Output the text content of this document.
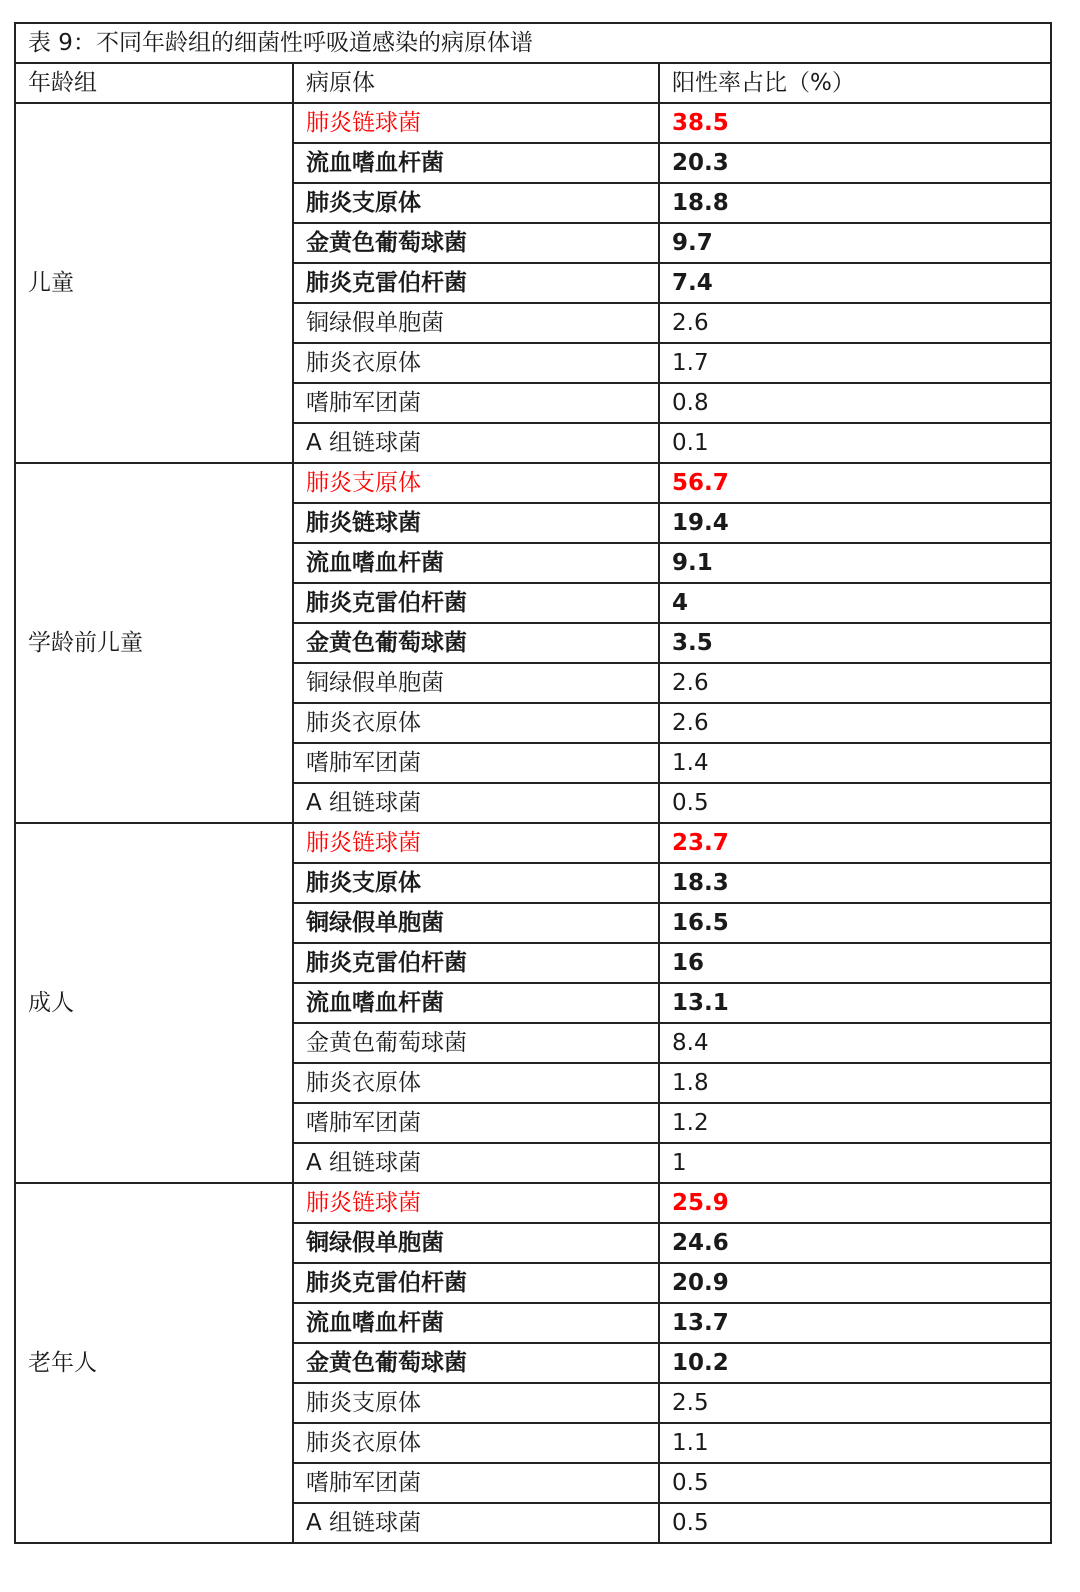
表 9：不同年龄组的细菌性呼吸道感染的病原体谱		
年龄组	病原体	阳性率占比（%）
儿童	肺炎链球菌	38.5
	流血嗜血杆菌	20.3
	肺炎支原体	18.8
	金黄色葡萄球菌	9.7
	肺炎克雷伯杆菌	7.4
	铜绿假单胞菌	2.6
	肺炎衣原体	1.7
	嗜肺军团菌	0.8
	A 组链球菌	0.1
学龄前儿童	肺炎支原体	56.7
	肺炎链球菌	19.4
	流血嗜血杆菌	9.1
	肺炎克雷伯杆菌	4
	金黄色葡萄球菌	3.5
	铜绿假单胞菌	2.6
	肺炎衣原体	2.6
	嗜肺军团菌	1.4
	A 组链球菌	0.5
成人	肺炎链球菌	23.7
	肺炎支原体	18.3
	铜绿假单胞菌	16.5
	肺炎克雷伯杆菌	16
	流血嗜血杆菌	13.1
	金黄色葡萄球菌	8.4
	肺炎衣原体	1.8
	嗜肺军团菌	1.2
	A 组链球菌	1
老年人	肺炎链球菌	25.9
	铜绿假单胞菌	24.6
	肺炎克雷伯杆菌	20.9
	流血嗜血杆菌	13.7
	金黄色葡萄球菌	10.2
	肺炎支原体	2.5
	肺炎衣原体	1.1
	嗜肺军团菌	0.5
	A 组链球菌	0.5
